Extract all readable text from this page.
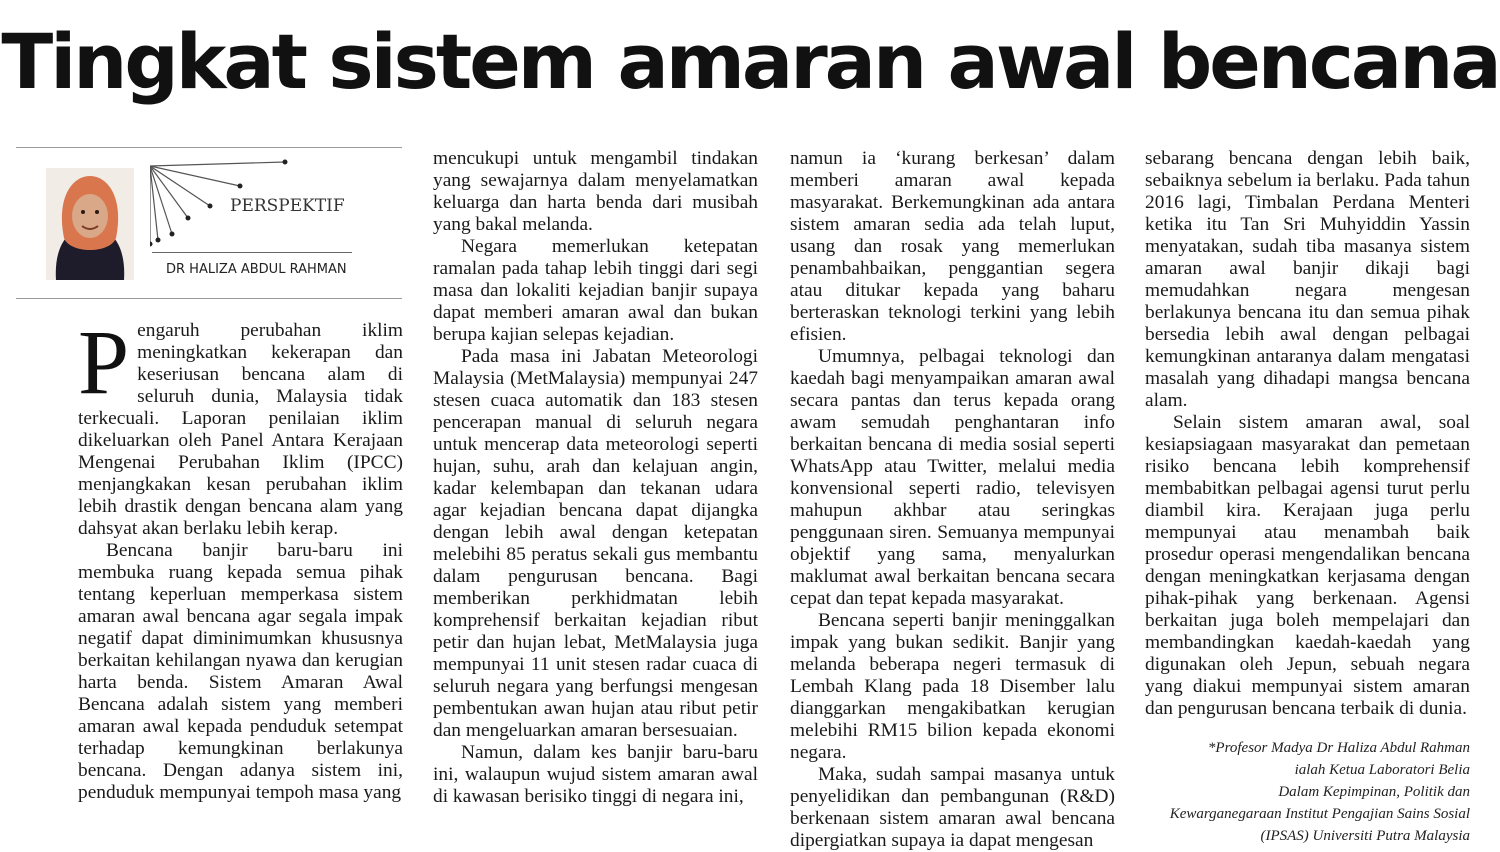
Tingkat sistem amaran awal bencana
PERSPEKTIF
DR HALIZA ABDUL RAHMAN

Pengaruh perubahan iklim meningkatkan kekerapan dan keseriusan bencana alam di seluruh dunia, Malaysia tidak terkecuali. Laporan penilaian iklim dikeluarkan oleh Panel Antara Kerajaan Mengenai Perubahan Iklim (IPCC) menjangkakan kesan perubahan iklim lebih drastik dengan bencana alam yang dahsyat akan berlaku lebih kerap.

Bencana banjir baru-baru ini membuka ruang kepada semua pihak tentang keperluan memperkasa sistem amaran awal bencana agar segala impak negatif dapat diminimumkan khususnya berkaitan kehilangan nyawa dan kerugian harta benda. Sistem Amaran Awal Bencana adalah sistem yang memberi amaran awal kepada penduduk setempat terhadap kemungkinan berlakunya bencana. Dengan adanya sistem ini, penduduk mempunyai tempoh masa yang

mencukupi untuk mengambil tindakan yang sewajarnya dalam menyelamatkan keluarga dan harta benda dari musibah yang bakal melanda.

Negara memerlukan ketepatan ramalan pada tahap lebih tinggi dari segi masa dan lokaliti kejadian banjir supaya dapat memberi amaran awal dan bukan berupa kajian selepas kejadian.

Pada masa ini Jabatan Meteorologi Malaysia (MetMalaysia) mempunyai 247 stesen cuaca automatik dan 183 stesen pencerapan manual di seluruh negara untuk mencerap data meteorologi seperti hujan, suhu, arah dan kelajuan angin, kadar kelembapan dan tekanan udara agar kejadian bencana dapat dijangka dengan lebih awal dengan ketepatan melebihi 85 peratus sekali gus membantu dalam pengurusan bencana. Bagi memberikan perkhidmatan lebih komprehensif berkaitan kejadian ribut petir dan hujan lebat, MetMalaysia juga mempunyai 11 unit stesen radar cuaca di seluruh negara yang berfungsi mengesan pembentukan awan hujan atau ribut petir dan mengeluarkan amaran bersesuaian.

Namun, dalam kes banjir baru-baru ini, walaupun wujud sistem amaran awal di kawasan berisiko tinggi di negara ini,

namun ia ‘kurang berkesan’ dalam memberi amaran awal kepada masyarakat. Berkemungkinan ada antara sistem amaran sedia ada telah luput, usang dan rosak yang memerlukan penambahbaikan, penggantian segera atau ditukar kepada yang baharu berteraskan teknologi terkini yang lebih efisien.

Umumnya, pelbagai teknologi dan kaedah bagi menyampaikan amaran awal secara pantas dan terus kepada orang awam semudah penghantaran info berkaitan bencana di media sosial seperti WhatsApp atau Twitter, melalui media konvensional seperti radio, televisyen mahupun akhbar atau seringkas penggunaan siren. Semuanya mempunyai objektif yang sama, menyalurkan maklumat awal berkaitan bencana secara cepat dan tepat kepada masyarakat.

Bencana seperti banjir meninggalkan impak yang bukan sedikit. Banjir yang melanda beberapa negeri termasuk di Lembah Klang pada 18 Disember lalu dianggarkan mengakibatkan kerugian melebihi RM15 bilion kepada ekonomi negara.

Maka, sudah sampai masanya untuk penyelidikan dan pembangunan (R&D) berkenaan sistem amaran awal bencana dipergiatkan supaya ia dapat mengesan

sebarang bencana dengan lebih baik, sebaiknya sebelum ia berlaku. Pada tahun 2016 lagi, Timbalan Perdana Menteri ketika itu Tan Sri Muhyiddin Yassin menyatakan, sudah tiba masanya sistem amaran awal banjir dikaji bagi memudahkan negara mengesan berlakunya bencana itu dan semua pihak bersedia lebih awal dengan pelbagai kemungkinan antaranya dalam mengatasi masalah yang dihadapi mangsa bencana alam.

Selain sistem amaran awal, soal kesiapsiagaan masyarakat dan pemetaan risiko bencana lebih komprehensif membabitkan pelbagai agensi turut perlu diambil kira. Kerajaan juga perlu mempunyai atau menambah baik prosedur operasi mengendalikan bencana dengan meningkatkan kerjasama dengan pihak-pihak yang berkenaan. Agensi berkaitan juga boleh mempelajari dan membandingkan kaedah-kaedah yang digunakan oleh Jepun, sebuah negara yang diakui mempunyai sistem amaran dan pengurusan bencana terbaik di dunia.

*Profesor Madya Dr Haliza Abdul Rahman
ialah Ketua Laboratori Belia
Dalam Kepimpinan, Politik dan
Kewarganegaraan Institut Pengajian Sains Sosial
(IPSAS) Universiti Putra Malaysia
